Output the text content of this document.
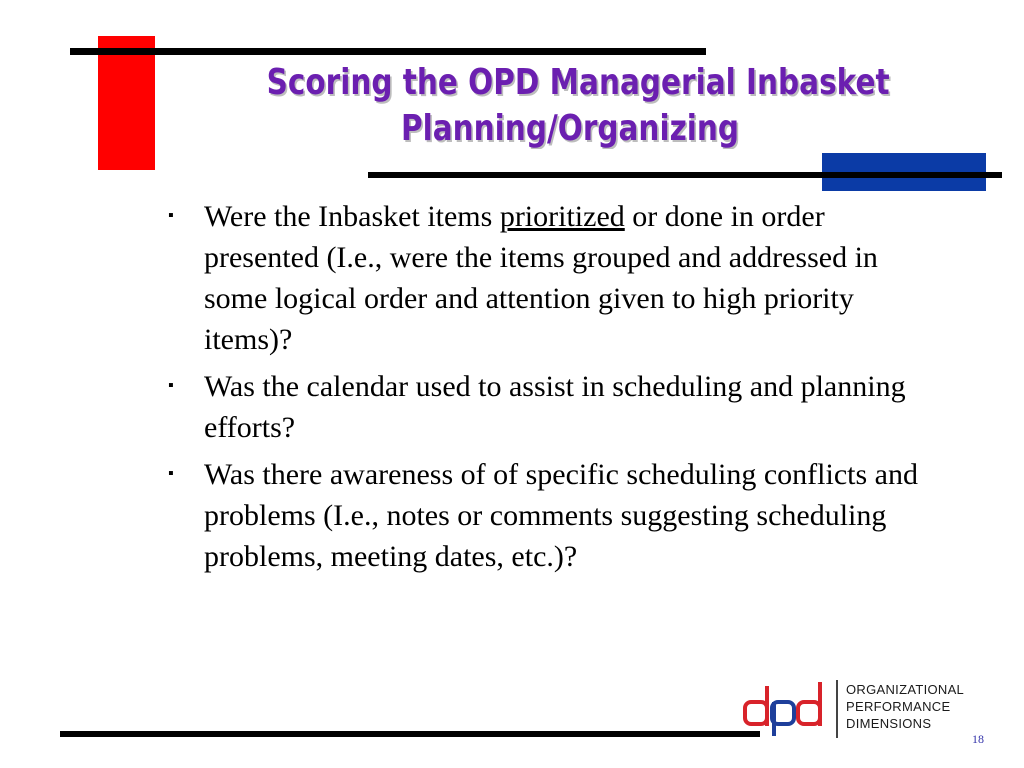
Scoring the OPD Managerial Inbasket
Planning/Organizing
▪ Were the Inbasket items prioritized or done in order presented (I.e., were the items grouped and addressed in some logical order and attention given to high priority items)?
▪ Was the calendar used to assist in scheduling and planning efforts?
▪ Was there awareness of of specific scheduling conflicts and problems (I.e., notes or comments suggesting scheduling problems, meeting dates, etc.)?
ORGANIZATIONAL
PERFORMANCE
DIMENSIONS
18
